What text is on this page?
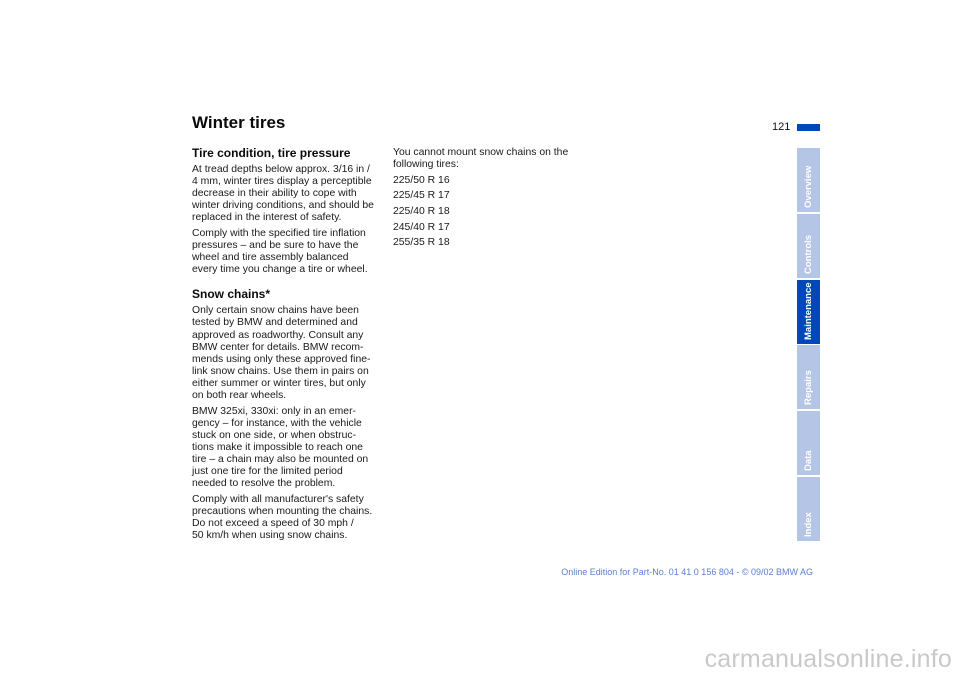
Winter tires	121
Tire condition, tire pressure

At tread depths below approx. 3/16 in /
4 mm, winter tires display a perceptible
decrease in their ability to cope with
winter driving conditions, and should be
replaced in the interest of safety.

Comply with the specified tire inflation
pressures – and be sure to have the
wheel and tire assembly balanced
every time you change a tire or wheel.

Snow chains*

Only certain snow chains have been
tested by BMW and determined and
approved as roadworthy. Consult any
BMW center for details. BMW recom-
mends using only these approved fine-
link snow chains. Use them in pairs on
either summer or winter tires, but only
on both rear wheels.

BMW 325xi, 330xi: only in an emer-
gency – for instance, with the vehicle
stuck on one side, or when obstruc-
tions make it impossible to reach one
tire – a chain may also be mounted on
just one tire for the limited period
needed to resolve the problem.

Comply with all manufacturer's safety
precautions when mounting the chains.
Do not exceed a speed of 30 mph /
50 km/h when using snow chains.

You cannot mount snow chains on the
following tires:

225/50 R 16
225/45 R 17
225/40 R 18
245/40 R 17
255/35 R 18
Overview
Controls
Maintenance
Repairs
Data
Index
Online Edition for Part-No. 01 41 0 156 804 - © 09/02 BMW AG
carmanualsonline.info
